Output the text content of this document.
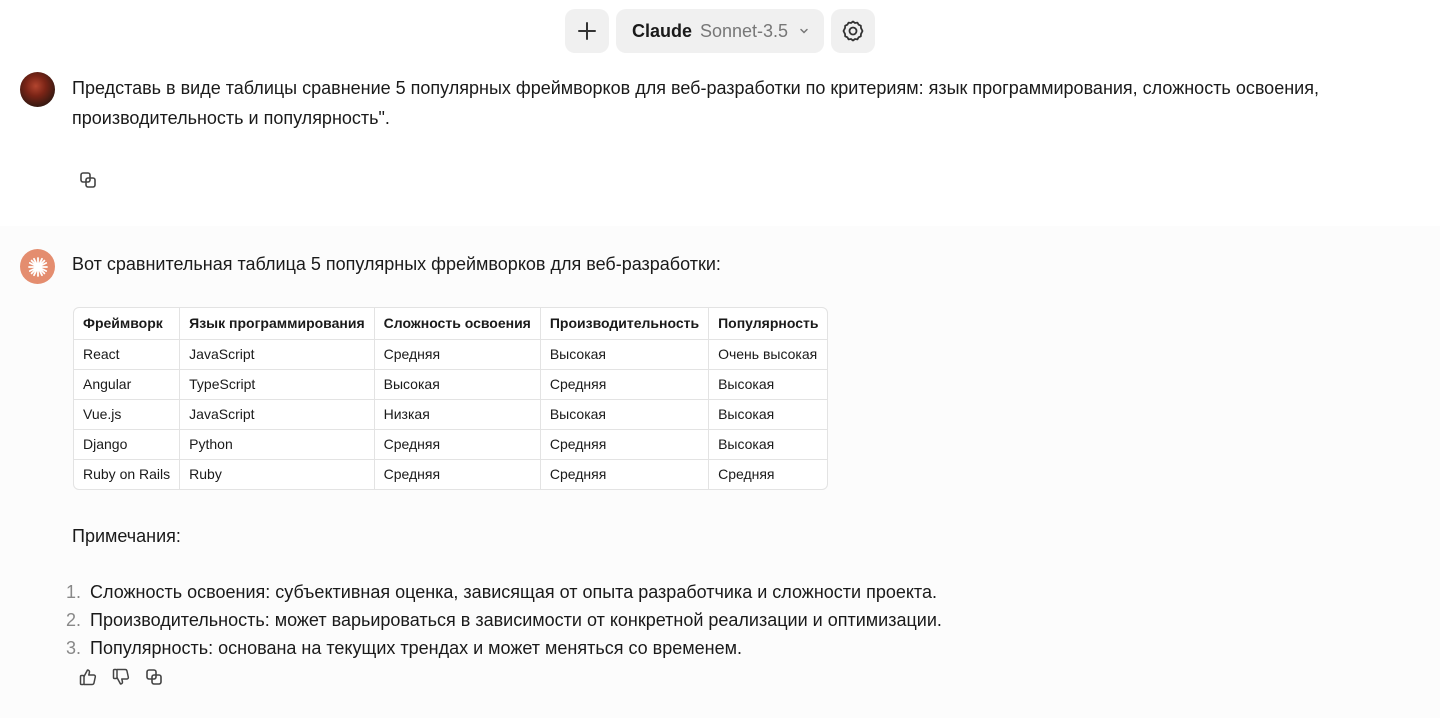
Claude Sonnet-3.5
Представь в виде таблицы сравнение 5 популярных фреймворков для веб-разработки по критериям: язык программирования, сложность освоения, производительность и популярность".
Вот сравнительная таблица 5 популярных фреймворков для веб-разработки:
Фреймворк	Язык программирования	Сложность освоения	Производительность	Популярность
React	JavaScript	Средняя	Высокая	Очень высокая
Angular	TypeScript	Высокая	Средняя	Высокая
Vue.js	JavaScript	Низкая	Высокая	Высокая
Django	Python	Средняя	Средняя	Высокая
Ruby on Rails	Ruby	Средняя	Средняя	Средняя
Примечания:
1. Сложность освоения: субъективная оценка, зависящая от опыта разработчика и сложности проекта.
2. Производительность: может варьироваться в зависимости от конкретной реализации и оптимизации.
3. Популярность: основана на текущих трендах и может меняться со временем.
